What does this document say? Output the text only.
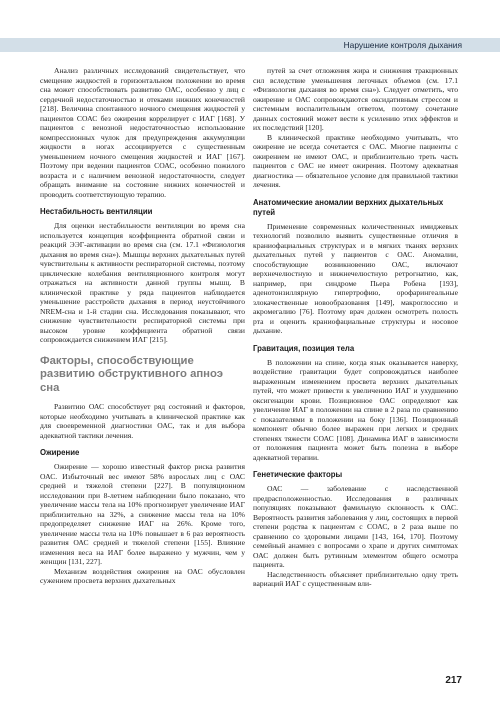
Нарушение контроля дыхания

Анализ различных исследований свидетельствует, что смещение жидкостей в горизонтальном положении во время сна может способствовать развитию ОАС, особенно у лиц с сердечной недостаточностью и отеками нижних конечностей [218]. Величина спонтанного ночного смещения жидкостей у пациентов СОАС без ожирения коррелирует с ИАГ [168]. У пациентов с венозной недостаточностью использование компрессионных чулок для предупреждения аккумуляции жидкости в ногах ассоциируется с существенным уменьшением ночного смещения жидкостей и ИАГ [167]. Поэтому при ведении пациентов СОАС, особенно пожилого возраста и с наличием венозной недостаточности, следует обращать внимание на состояние нижних конечностей и проводить соответствующую терапию.

Нестабильность вентиляции

Для оценки нестабильности вентиляции во время сна используется концепция коэффициента обратной связи и реакций ЭЭГ-активации во время сна (см. 17.1 «Физиология дыхания во время сна»). Мышцы верхних дыхательных путей чувствительны к активности респираторной системы, поэтому циклические колебания вентиляционного контроля могут отражаться на активности данной группы мышц. В клинической практике у ряда пациентов наблюдается уменьшение расстройств дыхания в период неустойчивого NREM-сна и 1-й стадии сна. Исследования показывают, что снижение чувствительности респираторной системы при высоком уровне коэффициента обратной связи сопровождается снижением ИАГ [215].

Факторы, способствующие развитию обструктивного апноэ сна

Развитию ОАС способствует ряд состояний и факторов, которые необходимо учитывать в клинической практике как для своевременной диагностики ОАС, так и для выбора адекватной тактики лечения.

Ожирение

Ожирение — хорошо известный фактор риска развития ОАС. Избыточный вес имеют 58% взрослых лиц с ОАС средней и тяжелой степени [227]. В популяционном исследовании при 8-летнем наблюдении было показано, что увеличение массы тела на 10% прогнозирует увеличение ИАГ приблизительно на 32%, а снижение массы тела на 10% предопределяет снижение ИАГ на 26%. Кроме того, увеличение массы тела на 10% повышает в 6 раз вероятность развития ОАС средней и тяжелой степени [155]. Влияние изменения веса на ИАГ более выражено у мужчин, чем у женщин [131, 227].

Механизм воздействия ожирения на ОАС обусловлен сужением просвета верхних дыхательных

путей за счет отложения жира и снижения тракционных сил вследствие уменьшения легочных объемов (см. 17.1 «Физиология дыхания во время сна»). Следует отметить, что ожирение и ОАС сопровождаются оксидативным стрессом и системным воспалительным ответом, поэтому сочетание данных состояний может вести к усилению этих эффектов и их последствий [120].

В клинической практике необходимо учитывать, что ожирение не всегда сочетается с ОАС. Многие пациенты с ожирением не имеют ОАС, и приблизительно треть часть пациентов с ОАС не имеет ожирения. Поэтому адекватная диагностика — обязательное условие для правильной тактики лечения.

Анатомические аномалии верхних дыхательных путей

Применение современных количественных имиджевых технологий позволило выявить существенные отличия в краниофациальных структурах и в мягких тканях верхних дыхательных путей у пациентов с ОАС. Аномалии, способствующие возникновению ОАС, включают верхнечелюстную и нижнечелюстную ретрогнатию, как, например, при синдроме Пьера Робена [193], аденотонзиллярную гипертрофию, орофарингеальные злокачественные новообразования [149], макроглоссию и акромегалию [76]. Поэтому врач должен осмотреть полость рта и оценить краниофациальные структуры и носовое дыхание.

Гравитация, позиция тела

В положении на спине, когда язык оказывается наверху, воздействие гравитации будет сопровождаться наиболее выраженным изменением просвета верхних дыхательных путей, что может привести к увеличению ИАГ и ухудшению оксигенации крови. Позиционное ОАС определяют как увеличение ИАГ в положении на спине в 2 раза по сравнению с показателями в положении на боку [136]. Позиционный компонент обычно более выражен при легких и средних степенях тяжести СОАС [108]. Динамика ИАГ в зависимости от положения пациента может быть полезна в выборе адекватной терапии.

Генетические факторы

ОАС — заболевание с наследственной предрасположенностью. Исследования в различных популяциях показывают фамильную склонность к ОАС. Вероятность развития заболевания у лиц, состоящих в первой степени родства к пациентам с СОАС, в 2 раза выше по сравнению со здоровыми лицами [143, 164, 170]. Поэтому семейный анамнез с вопросами о храпе и других симптомах ОАС должен быть рутинным элементом общего осмотра пациента.

Наследственность объясняет приблизительно одну треть вариаций ИАГ с существенным вли-

217
